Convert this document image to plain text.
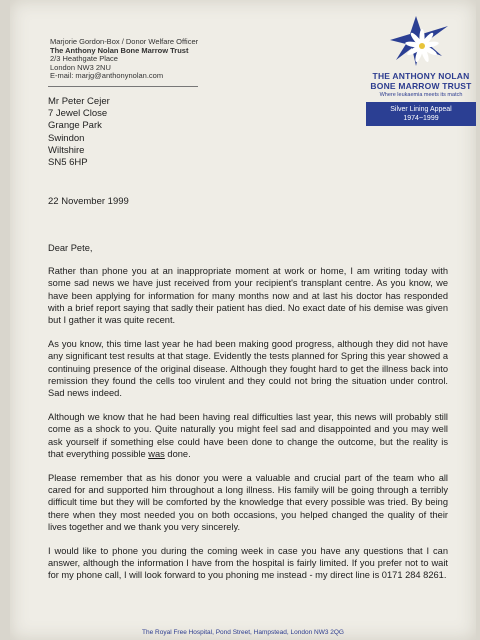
Marjorie Gordon-Box / Donor Welfare Officer
The Anthony Nolan Bone Marrow Trust
2/3 Heathgate Place
London NW3 2NU
E-mail: marjg@anthonynolan.com	THE ANTHONY NOLAN
BONE MARROW TRUST
Where leukaemia meets its match
Silver Lining Appeal
1974~1999
Mr Peter Cejer
7 Jewel Close
Grange Park
Swindon
Wiltshire
SN5 6HP
22 November 1999

Dear Pete,

Rather than phone you at an inappropriate moment at work or home, I am writing today with some sad news we have just received from your recipient's transplant centre. As you know, we have been applying for information for many months now and at last his doctor has responded with a brief report saying that sadly their patient has died. No exact date of his demise was given but I gather it was quite recent.

As you know, this time last year he had been making good progress, although they did not have any significant test results at that stage. Evidently the tests planned for Spring this year showed a continuing presence of the original disease. Although they fought hard to get the illness back into remission they found the cells too virulent and they could not bring the situation under control. Sad news indeed.

Although we know that he had been having real difficulties last year, this news will probably still come as a shock to you. Quite naturally you might feel sad and disappointed and you may well ask yourself if something else could have been done to change the outcome, but the reality is that everything possible was done.

Please remember that as his donor you were a valuable and crucial part of the team who all cared for and supported him throughout a long illness. His family will be going through a terribly difficult time but they will be comforted by the knowledge that every possible was tried. By being there when they most needed you on both occasions, you helped changed the quality of their lives together and we thank you very sincerely.

I would like to phone you during the coming week in case you have any questions that I can answer, although the information I have from the hospital is fairly limited. If you prefer not to wait for my phone call, I will look forward to you phoning me instead - my direct line is 0171 284 8261.

The Royal Free Hospital, Pond Street, Hampstead, London NW3 2QG
